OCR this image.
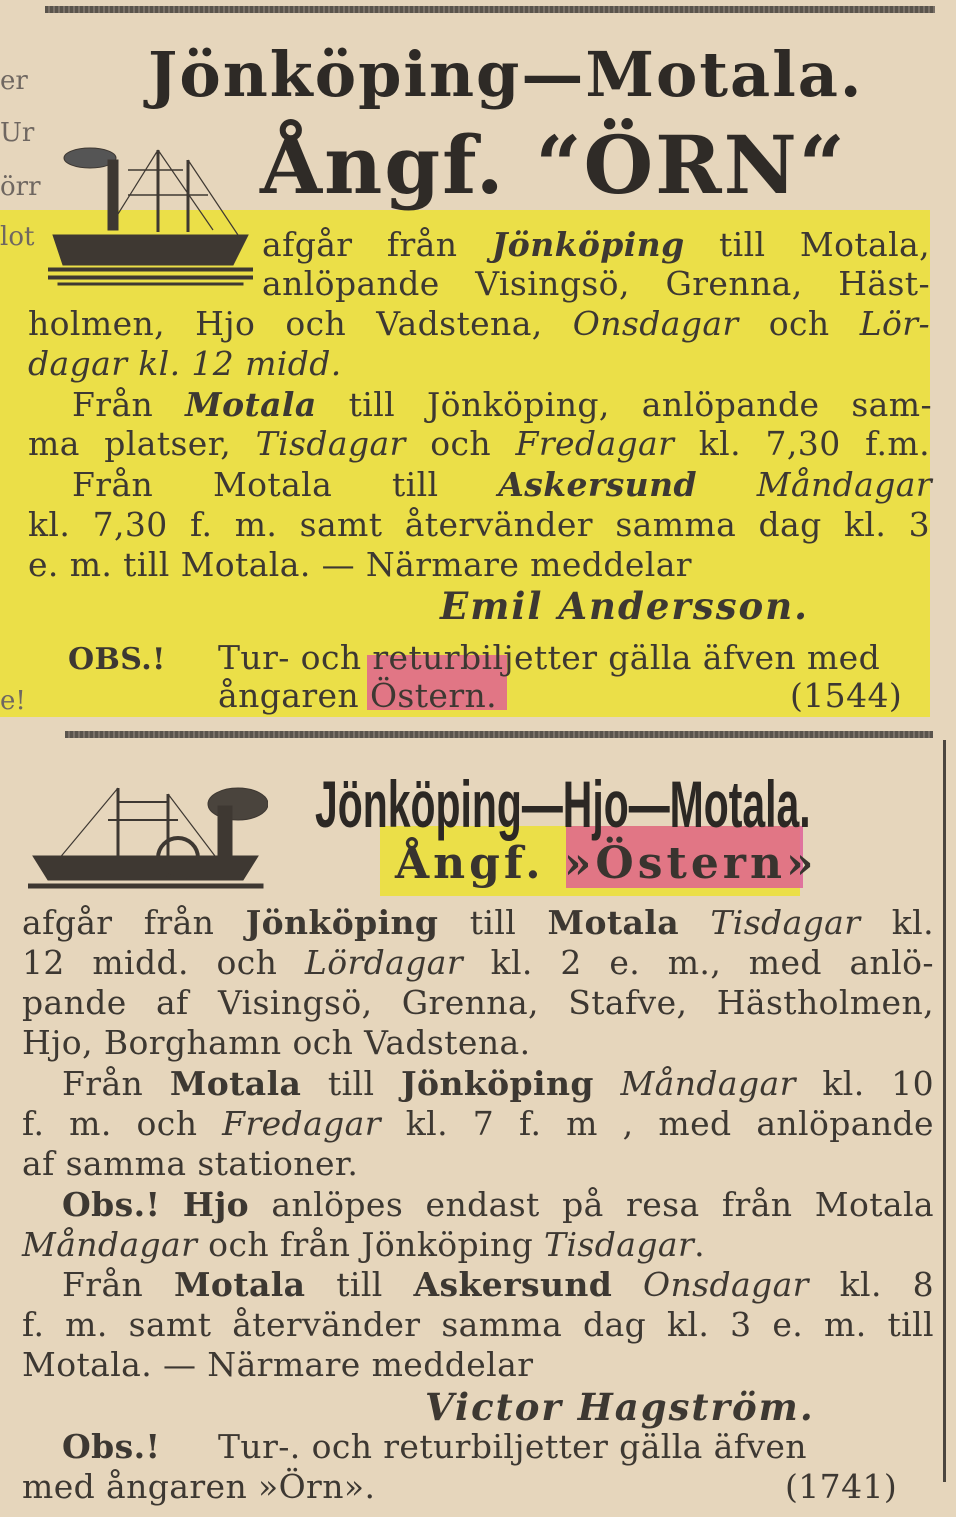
er
Ur
örr
lot
e!
Jönköping—Motala.
Ångf. “ÖRN“
afgår från Jönköping till Motala,
anlöpande Visingsö, Grenna, Häst-
holmen, Hjo och Vadstena, Onsdagar och Lör-
dagar kl. 12 midd.
Från Motala till Jönköping, anlöpande sam-
ma platser, Tisdagar och Fredagar kl. 7,30 f.m.
Från Motala till Askersund Måndagar
kl. 7,30 f. m. samt återvänder samma dag kl. 3
e. m. till Motala. — Närmare meddelar
Emil Andersson.
OBS.! Tur- och returbiljetter gälla äfven med
ångaren Östern.	(1544)
Jönköping—Hjo—Motala.
Ångf. »Östern»
afgår från Jönköping till Motala Tisdagar kl.
12 midd. och Lördagar kl. 2 e. m., med anlö-
pande af Visingsö, Grenna, Stafve, Hästholmen,
Hjo, Borghamn och Vadstena.
Från Motala till Jönköping Måndagar kl. 10
f. m. och Fredagar kl. 7 f. m , med anlöpande
af samma stationer.
Obs.! Hjo anlöpes endast på resa från Motala
Måndagar och från Jönköping Tisdagar.
Från Motala till Askersund Onsdagar kl. 8
f. m. samt återvänder samma dag kl. 3 e. m. till
Motala. — Närmare meddelar
Victor Hagström.
Obs.! Tur-. och returbiljetter gälla äfven
med ångaren »Örn».	(1741)
